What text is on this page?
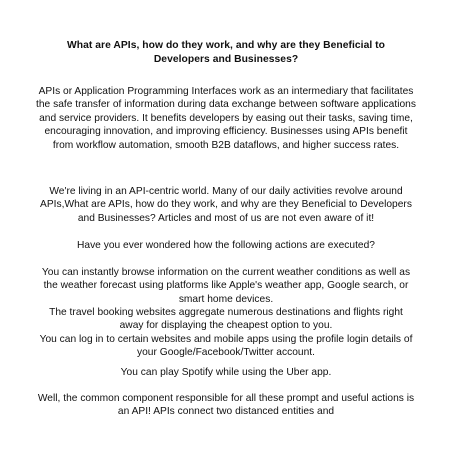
What are APIs, how do they work, and why are they Beneficial to Developers and Businesses?

APIs or Application Programming Interfaces work as an intermediary that facilitates the safe transfer of information during data exchange between software applications and service providers. It benefits developers by easing out their tasks, saving time, encouraging innovation, and improving efficiency. Businesses using APIs benefit from workflow automation, smooth B2B dataflows, and higher success rates.

We're living in an API-centric world. Many of our daily activities revolve around APIs,What are APIs, how do they work, and why are they Beneficial to Developers and Businesses? Articles and most of us are not even aware of it!

Have you ever wondered how the following actions are executed?

You can instantly browse information on the current weather conditions as well as the weather forecast using platforms like Apple's weather app, Google search, or smart home devices.

The travel booking websites aggregate numerous destinations and flights right away for displaying the cheapest option to you.

You can log in to certain websites and mobile apps using the profile login details of your Google/Facebook/Twitter account.

You can play Spotify while using the Uber app.

Well, the common component responsible for all these prompt and useful actions is an API! APIs connect two distanced entities and
